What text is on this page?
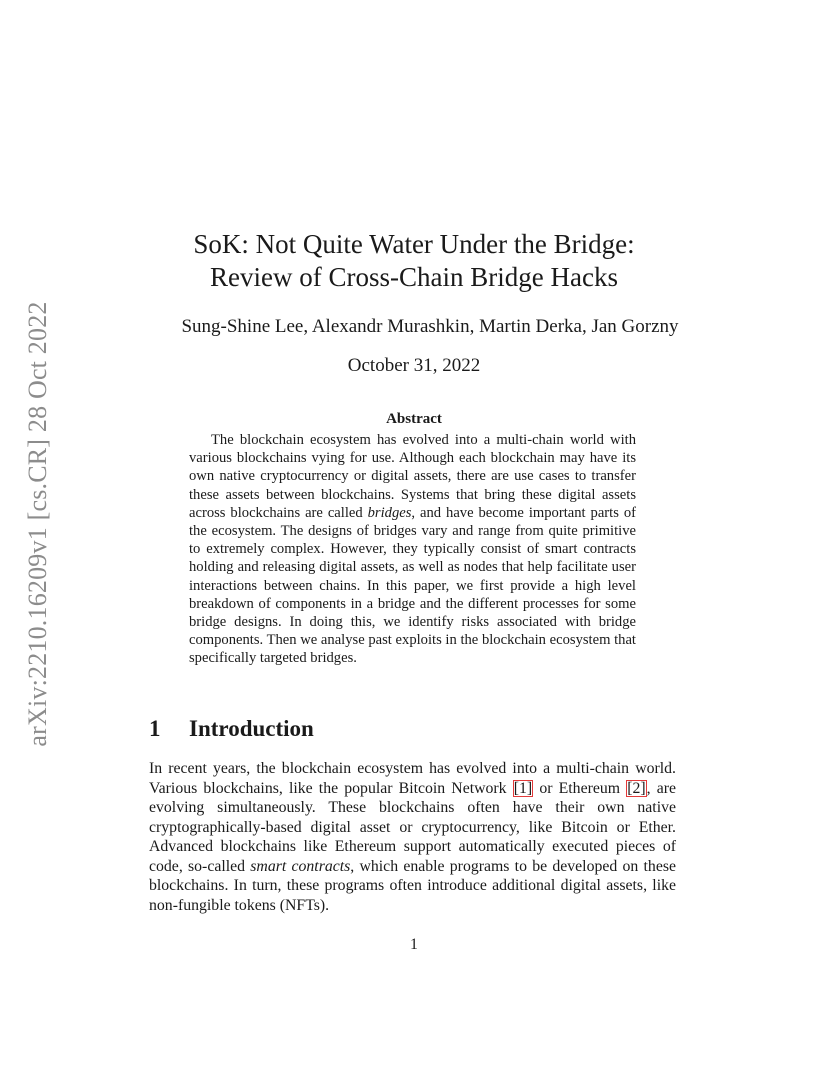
arXiv:2210.16209v1 [cs.CR] 28 Oct 2022
SoK: Not Quite Water Under the Bridge:
Review of Cross-Chain Bridge Hacks
Sung-Shine Lee, Alexandr Murashkin, Martin Derka, Jan Gorzny
October 31, 2022
Abstract

The blockchain ecosystem has evolved into a multi-chain world with various blockchains vying for use. Although each blockchain may have its own native cryptocurrency or digital assets, there are use cases to transfer these assets between blockchains. Systems that bring these digital assets across blockchains are called bridges, and have become important parts of the ecosystem. The designs of bridges vary and range from quite primitive to extremely complex. However, they typically consist of smart contracts holding and releasing digital assets, as well as nodes that help facilitate user interactions between chains. In this paper, we first provide a high level breakdown of components in a bridge and the different processes for some bridge designs. In doing this, we identify risks associated with bridge components. Then we analyse past exploits in the blockchain ecosystem that specifically targeted bridges.

1 Introduction

In recent years, the blockchain ecosystem has evolved into a multi-chain world. Various blockchains, like the popular Bitcoin Network [1] or Ethereum [2], are evolving simultaneously. These blockchains often have their own native cryptographically-based digital asset or cryptocurrency, like Bitcoin or Ether. Advanced blockchains like Ethereum support automatically executed pieces of code, so-called smart contracts, which enable programs to be developed on these blockchains. In turn, these programs often introduce additional digital assets, like non-fungible tokens (NFTs).

1
